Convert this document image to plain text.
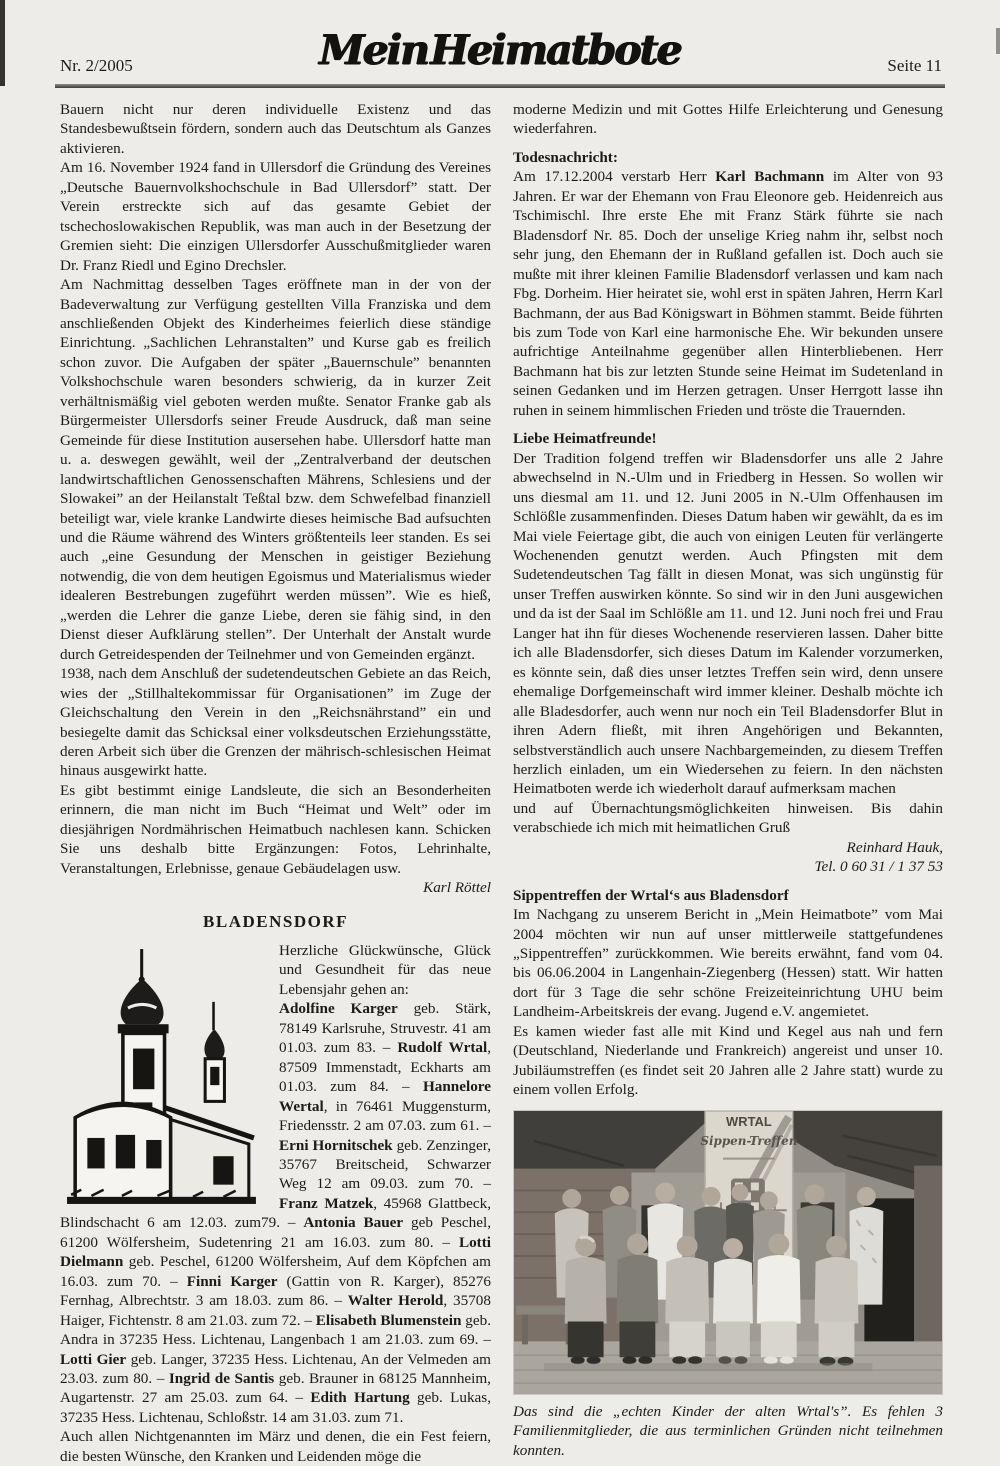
Nr. 2/2005	Mein Heimatbote	Seite 11

Bauern nicht nur deren individuelle Existenz und das Standesbewußtsein fördern, sondern auch das Deutschtum als Ganzes aktivieren.

Am 16. November 1924 fand in Ullersdorf die Gründung des Vereines „Deutsche Bauernvolkshochschule in Bad Ullersdorf” statt. Der Verein erstreckte sich auf das gesamte Gebiet der tschechoslowakischen Republik, was man auch in der Besetzung der Gremien sieht: Die einzigen Ullersdorfer Ausschußmitglieder waren Dr. Franz Riedl und Egino Drechsler.

Am Nachmittag desselben Tages eröffnete man in der von der Badeverwaltung zur Verfügung gestellten Villa Franziska und dem anschließenden Objekt des Kinderheimes feierlich diese ständige Einrichtung. „Sachlichen Lehranstalten” und Kurse gab es freilich schon zuvor. Die Aufgaben der später „Bauernschule” benannten Volkshochschule waren besonders schwierig, da in kurzer Zeit verhältnismäßig viel geboten werden mußte. Senator Franke gab als Bürgermeister Ullersdorfs seiner Freude Ausdruck, daß man seine Gemeinde für diese Institution ausersehen habe. Ullersdorf hatte man u. a. deswegen gewählt, weil der „Zentralverband der deutschen landwirtschaftlichen Genossenschaften Mährens, Schlesiens und der Slowakei” an der Heilanstalt Teßtal bzw. dem Schwefelbad finanziell beteiligt war, viele kranke Landwirte dieses heimische Bad aufsuchten und die Räume während des Winters größtenteils leer standen. Es sei auch „eine Gesundung der Menschen in geistiger Beziehung notwendig, die von dem heutigen Egoismus und Materialismus wieder idealeren Bestrebungen zugeführt werden müssen”. Wie es hieß, „werden die Lehrer die ganze Liebe, deren sie fähig sind, in den Dienst dieser Aufklärung stellen”. Der Unterhalt der Anstalt wurde durch Getreidespenden der Teilnehmer und von Gemeinden ergänzt.

1938, nach dem Anschluß der sudetendeutschen Gebiete an das Reich, wies der „Stillhaltekommissar für Organisationen” im Zuge der Gleichschaltung den Verein in den „Reichsnährstand” ein und besiegelte damit das Schicksal einer volksdeutschen Erziehungsstätte, deren Arbeit sich über die Grenzen der mährisch-schlesischen Heimat hinaus ausgewirkt hatte.

Es gibt bestimmt einige Landsleute, die sich an Besonderheiten erinnern, die man nicht im Buch “Heimat und Welt” oder im diesjährigen Nordmährischen Heimatbuch nachlesen kann. Schicken Sie uns deshalb bitte Ergänzungen: Fotos, Lehrinhalte, Veranstaltungen, Erlebnisse, genaue Gebäudelagen usw.

Karl Röttel

BLADENSDORF

Herzliche Glückwünsche, Glück und Gesundheit für das neue Lebensjahr gehen an:

Adolfine Karger geb. Stärk, 78149 Karlsruhe, Struvestr. 41 am 01.03. zum 83. – Rudolf Wrtal, 87509 Immenstadt, Eckharts am 01.03. zum 84. – Hannelore Wertal, in 76461 Muggensturm, Friedensstr. 2 am 07.03. zum 61. – Erni Hornitschek geb. Zenzinger, 35767 Breitscheid, Schwarzer Weg 12 am 09.03. zum 70. – Franz Matzek, 45968 Glattbeck, Blindschacht 6 am 12.03. zum79. – Antonia Bauer geb Peschel, 61200 Wölfersheim, Sudetenring 21 am 16.03. zum 80. – Lotti Dielmann geb. Peschel, 61200 Wölfersheim, Auf dem Köpfchen am 16.03. zum 70. – Finni Karger (Gattin von R. Karger), 85276 Fernhag, Albrechtstr. 3 am 18.03. zum 86. – Walter Herold, 35708 Haiger, Fichtenstr. 8 am 21.03. zum 72. – Elisabeth Blumenstein geb. Andra in 37235 Hess. Lichtenau, Langenbach 1 am 21.03. zum 69. – Lotti Gier geb. Langer, 37235 Hess. Lichtenau, An der Velmeden am 23.03. zum 80. – Ingrid de Santis geb. Brauner in 68125 Mannheim, Augartenstr. 27 am 25.03. zum 64. – Edith Hartung geb. Lukas, 37235 Hess. Lichtenau, Schloßstr. 14 am 31.03. zum 71.

Auch allen Nichtgenannten im März und denen, die ein Fest feiern, die besten Wünsche, den Kranken und Leidenden möge die

moderne Medizin und mit Gottes Hilfe Erleichterung und Genesung wiederfahren.

Todesnachricht:

Am 17.12.2004 verstarb Herr Karl Bachmann im Alter von 93 Jahren. Er war der Ehemann von Frau Eleonore geb. Heidenreich aus Tschimischl. Ihre erste Ehe mit Franz Stärk führte sie nach Bladensdorf Nr. 85. Doch der unselige Krieg nahm ihr, selbst noch sehr jung, den Ehemann der in Rußland gefallen ist. Doch auch sie mußte mit ihrer kleinen Familie Bladensdorf verlassen und kam nach Fbg. Dorheim. Hier heiratet sie, wohl erst in späten Jahren, Herrn Karl Bachmann, der aus Bad Königswart in Böhmen stammt. Beide führten bis zum Tode von Karl eine harmonische Ehe. Wir bekunden unsere aufrichtige Anteilnahme gegenüber allen Hinterbliebenen. Herr Bachmann hat bis zur letzten Stunde seine Heimat im Sudetenland in seinen Gedanken und im Herzen getragen. Unser Herrgott lasse ihn ruhen in seinem himmlischen Frieden und tröste die Trauernden.

Liebe Heimatfreunde!

Der Tradition folgend treffen wir Bladensdorfer uns alle 2 Jahre abwechselnd in N.-Ulm und in Friedberg in Hessen. So wollen wir uns diesmal am 11. und 12. Juni 2005 in N.-Ulm Offenhausen im Schlößle zusammenfinden. Dieses Datum haben wir gewählt, da es im Mai viele Feiertage gibt, die auch von einigen Leuten für verlängerte Wochenenden genutzt werden. Auch Pfingsten mit dem Sudetendeutschen Tag fällt in diesen Monat, was sich ungünstig für unser Treffen auswirken könnte. So sind wir in den Juni ausgewichen und da ist der Saal im Schlößle am 11. und 12. Juni noch frei und Frau Langer hat ihn für dieses Wochenende reservieren lassen. Daher bitte ich alle Bladensdorfer, sich dieses Datum im Kalender vorzumerken, es könnte sein, daß dies unser letztes Treffen sein wird, denn unsere ehemalige Dorfgemeinschaft wird immer kleiner. Deshalb möchte ich alle Bladesdorfer, auch wenn nur noch ein Teil Bladensdorfer Blut in ihren Adern fließt, mit ihren Angehörigen und Bekannten, selbstverständlich auch unsere Nachbargemeinden, zu diesem Treffen herzlich einladen, um ein Wiedersehen zu feiern. In den nächsten Heimatboten werde ich wiederholt darauf aufmerksam machen

und auf Übernachtungsmöglichkeiten hinweisen. Bis dahin verabschiede ich mich mit heimatlichen Gruß

Reinhard Hauk,

Tel. 0 60 31 / 1 37 53

Sippentreffen der Wrtal‘s aus Bladensdorf

Im Nachgang zu unserem Bericht in „Mein Heimatbote” vom Mai 2004 möchten wir nun auf unser mittlerweile stattgefundenes „Sippentreffen” zurückkommen. Wie bereits erwähnt, fand vom 04. bis 06.06.2004 in Langenhain-Ziegenberg (Hessen) statt. Wir hatten dort für 3 Tage die sehr schöne Freizeiteinrichtung UHU beim Landheim-Arbeitskreis der evang. Jugend e.V. angemietet.

Es kamen wieder fast alle mit Kind und Kegel aus nah und fern (Deutschland, Niederlande und Frankreich) angereist und unser 10. Jubiläumstreffen (es findet seit 20 Jahren alle 2 Jahre statt) wurde zu einem vollen Erfolg.

WRTAL
Sippen-Treffen

Das sind die „echten Kinder der alten Wrtal's”. Es fehlen 3 Familienmitglieder, die aus terminlichen Gründen nicht teilnehmen konnten.
